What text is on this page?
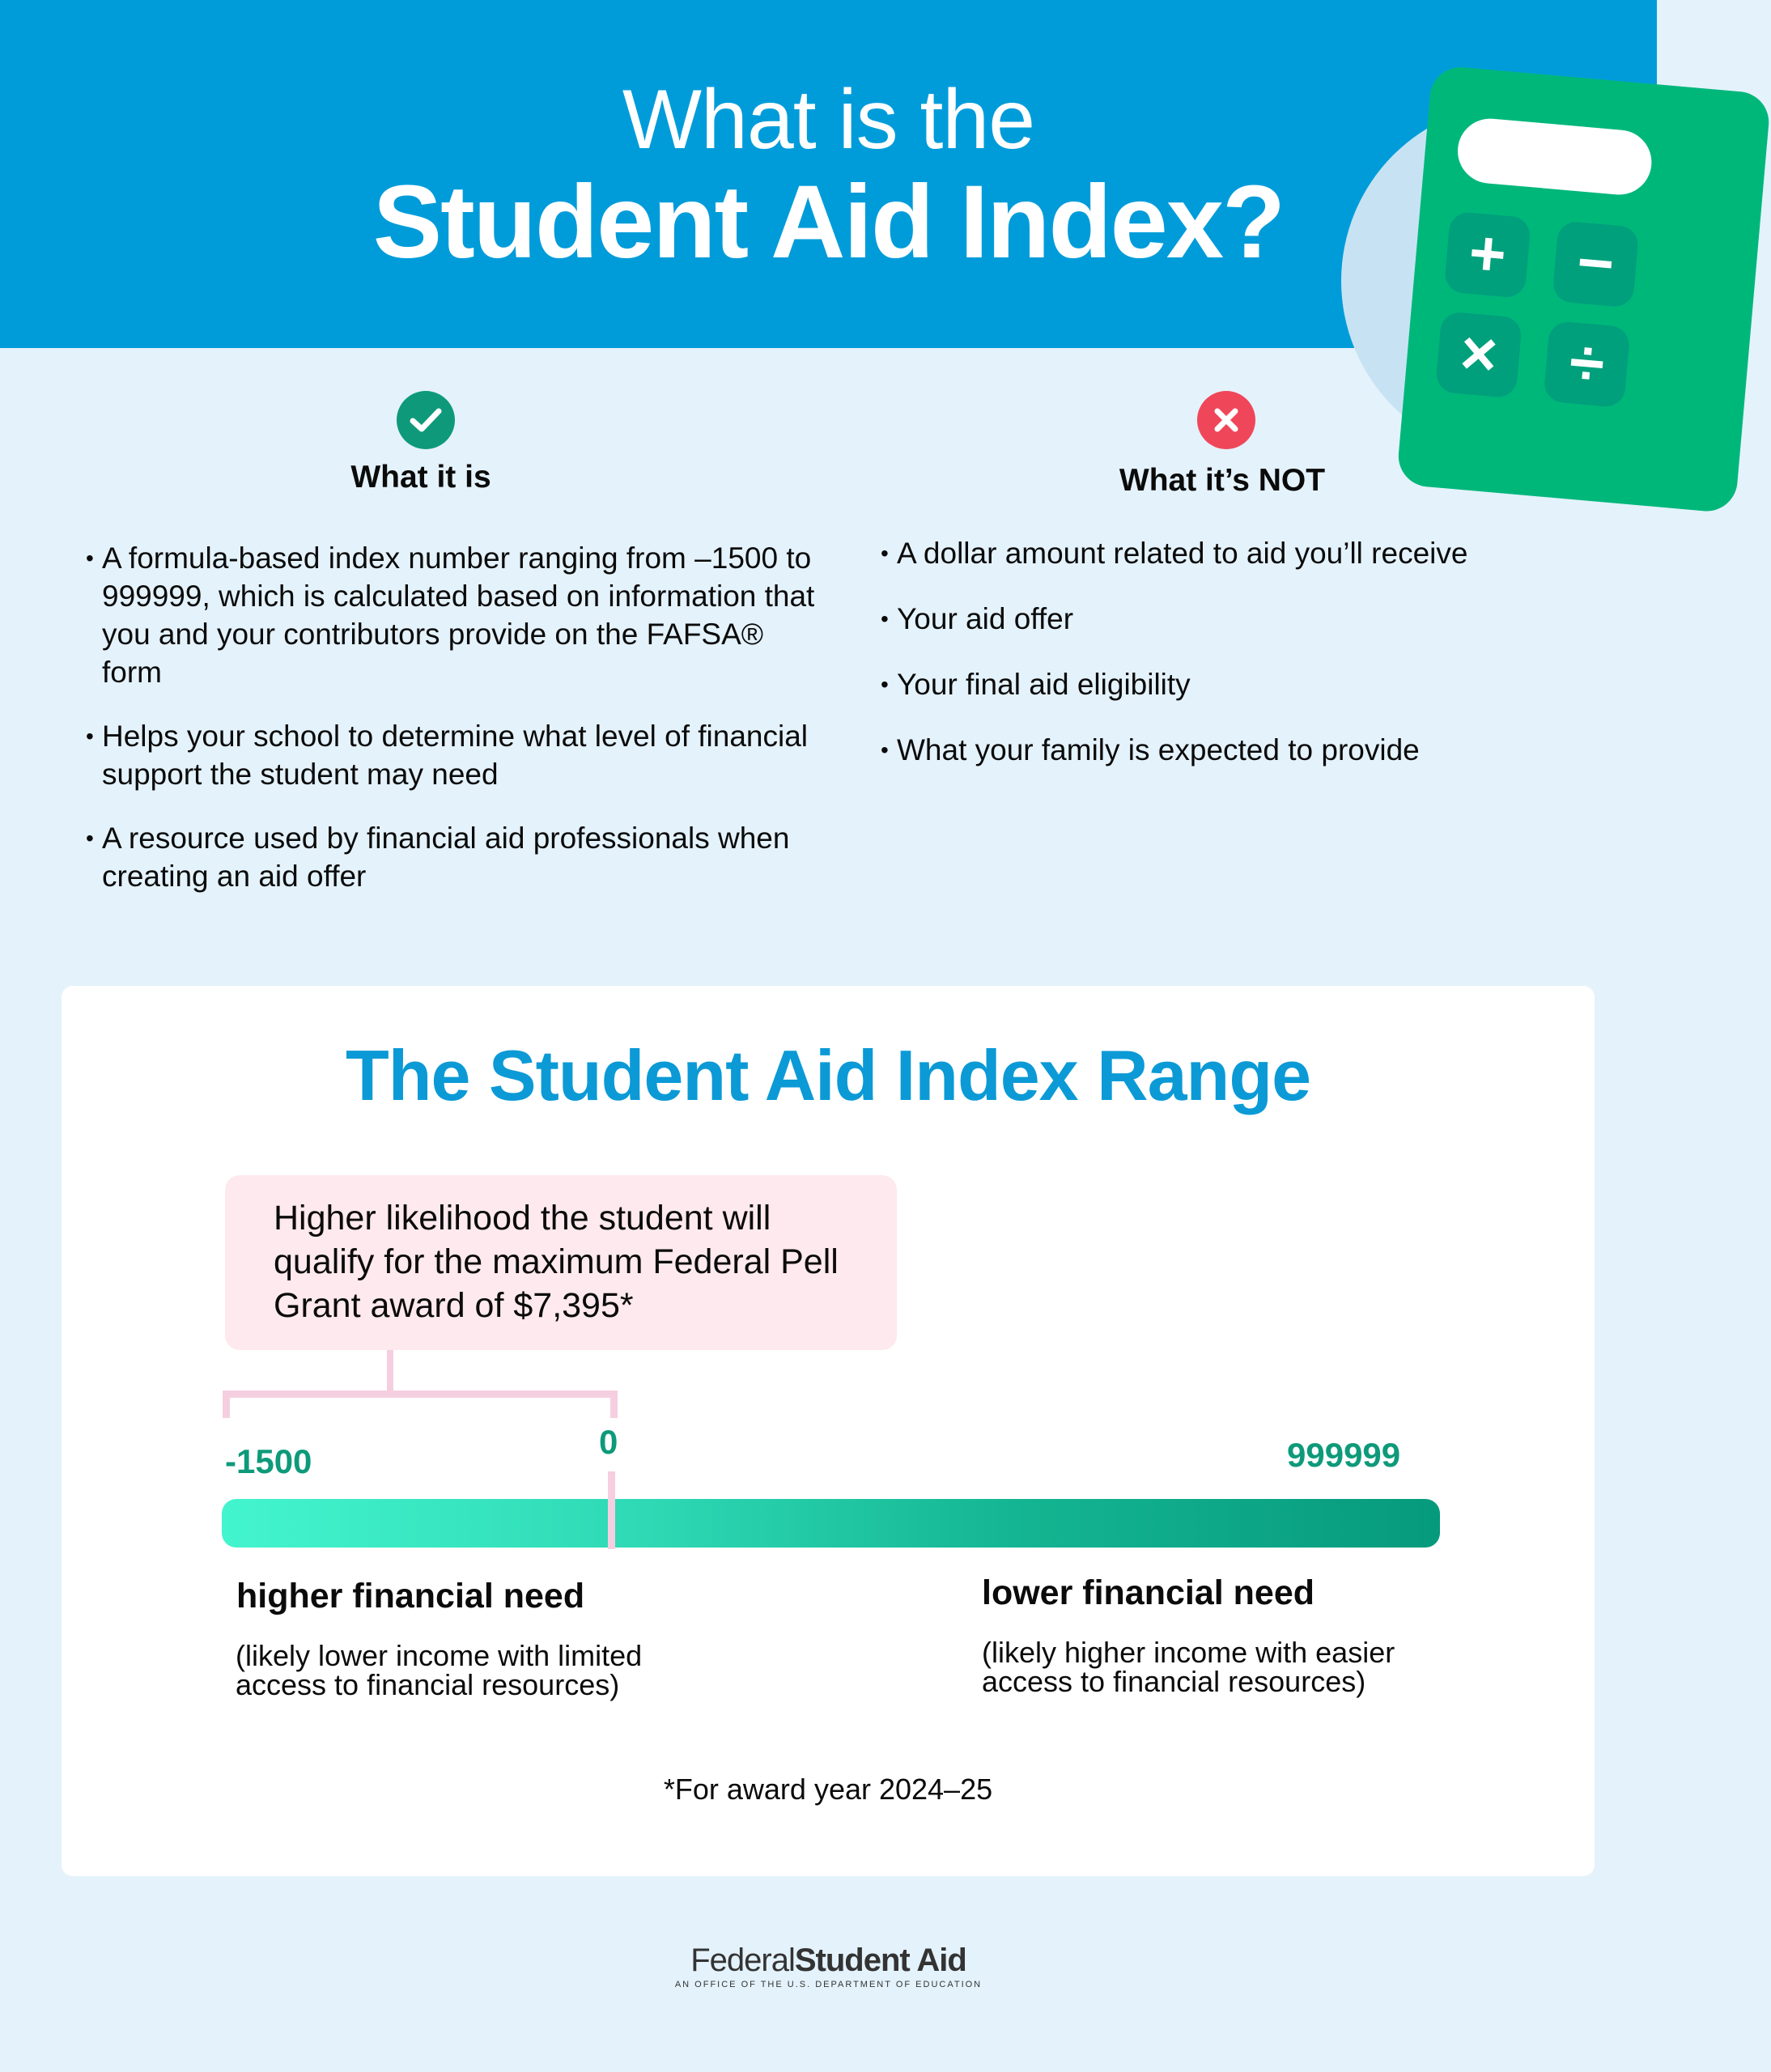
What is the
Student Aid Index?	+	−
×	÷
What it is
• A formula-based index number ranging from –1500 to 999999, which is calculated based on information that you and your contributors provide on the FAFSA® form
• Helps your school to determine what level of financial support the student may need
• A resource used by financial aid professionals when creating an aid offer
What it’s NOT
• A dollar amount related to aid you’ll receive
• Your aid offer
• Your final aid eligibility
• What your family is expected to provide
The Student Aid Index Range
Higher likelihood the student will qualify for the maximum Federal Pell Grant award of $7,395*
-1500
0	999999
higher financial need
(likely lower income with limited
access to financial resources)
lower financial need
(likely higher income with easier
access to financial resources)
*For award year 2024–25
FederalStudent Aid
AN OFFICE OF THE U.S. DEPARTMENT OF EDUCATION
